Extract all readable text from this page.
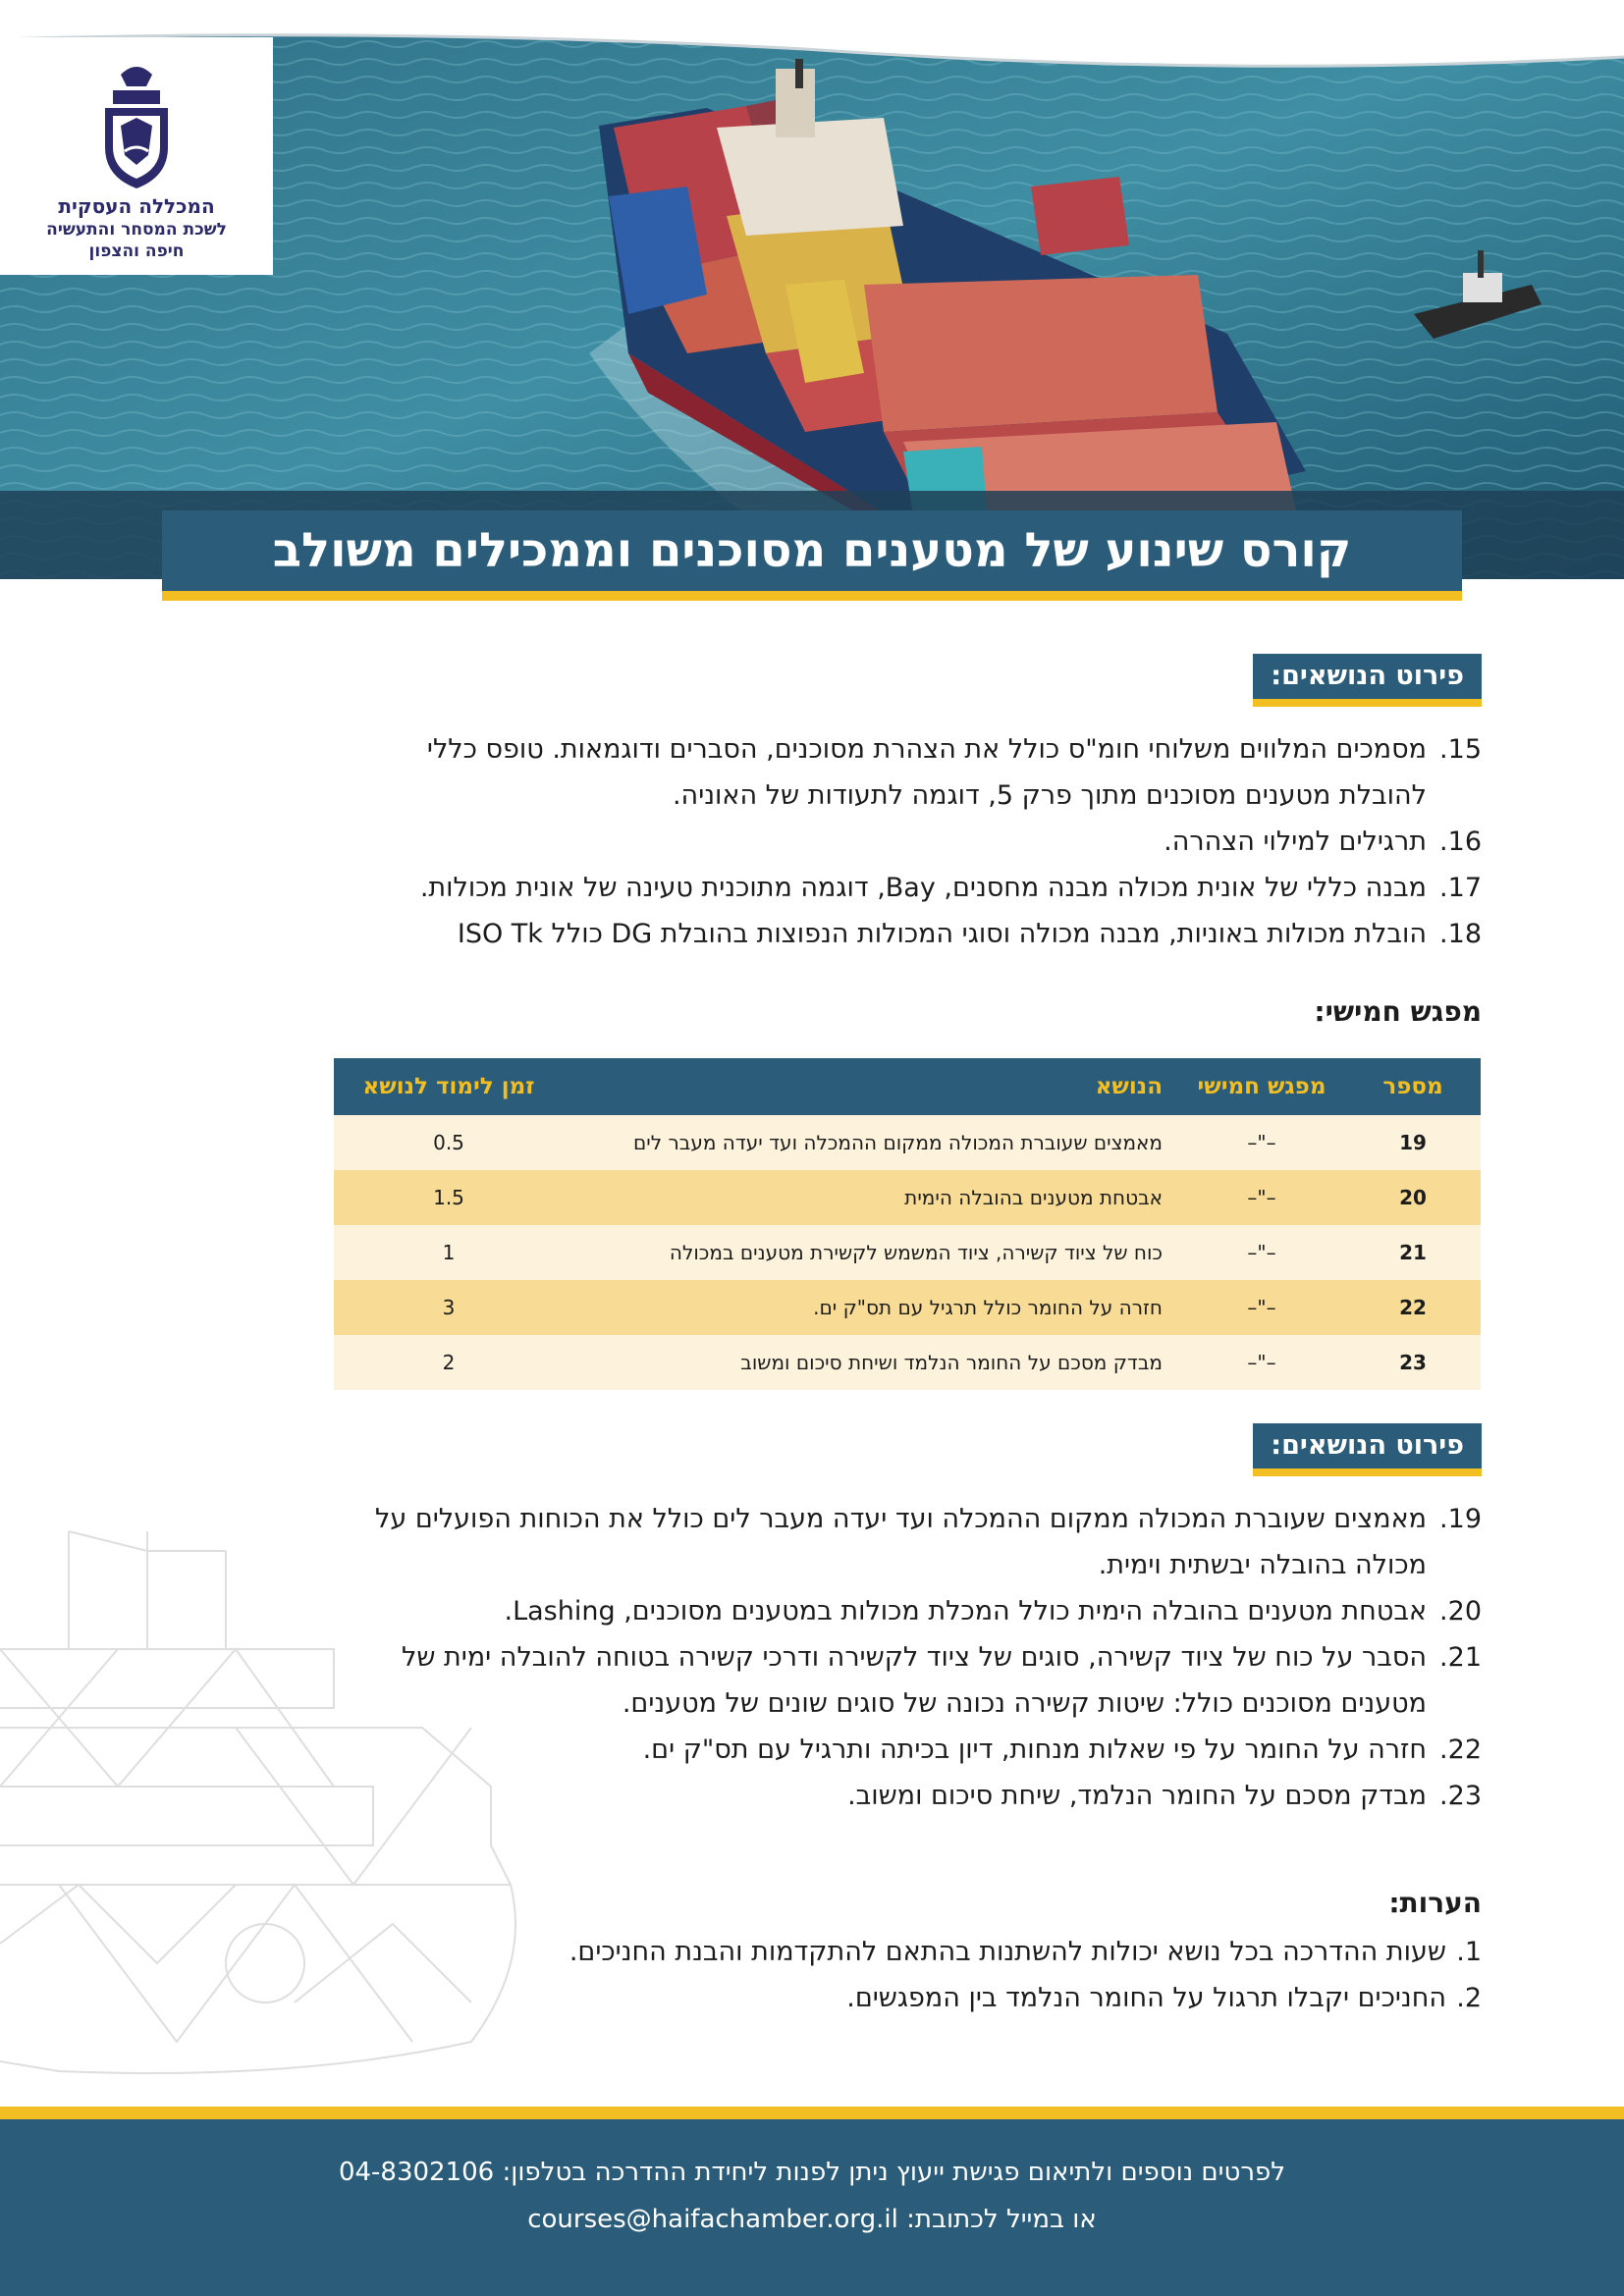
המכללה העסקית
לשכת המסחר והתעשיה
חיפה והצפון
קורס שינוע של מטענים מסוכנים וממכילים משולב
פירוט הנושאים:
15.
מסמכים המלווים משלוחי חומ"ס כולל את הצהרת מסוכנים, הסברים ודוגמאות. טופס כללי
להובלת מטענים מסוכנים מתוך פרק 5, דוגמה לתעודות של האוניה.
16.
תרגילים למילוי הצהרה.
17.
מבנה כללי של אונית מכולה מבנה מחסנים, Bay, דוגמה מתוכנית טעינה של אונית מכולות.
18.
הובלת מכולות באוניות, מבנה מכולה וסוגי המכולות הנפוצות בהובלת DG כולל ISO Tk
מפגש חמישי:
מספר	מפגש חמישי	הנושא	זמן לימוד לנושא
19	–"–	מאמצים שעוברת המכולה ממקום ההמכלה ועד יעדה מעבר לים	0.5
20	–"–	אבטחת מטענים בהובלה הימית	1.5
21	–"–	כוח של ציוד קשירה, ציוד המשמש לקשירת מטענים במכולה	1
22	–"–	חזרה על החומר כולל תרגיל עם תס"ק ים.	3
23	–"–	מבדק מסכם על החומר הנלמד ושיחת סיכום ומשוב	2
פירוט הנושאים:
19.
מאמצים שעוברת המכולה ממקום ההמכלה ועד יעדה מעבר לים כולל את הכוחות הפועלים על
מכולה בהובלה יבשתית וימית.
20.
אבטחת מטענים בהובלה הימית כולל המכלת מכולות במטענים מסוכנים, Lashing.
21.
הסבר על כוח של ציוד קשירה, סוגים של ציוד לקשירה ודרכי קשירה בטוחה להובלה ימית של
מטענים מסוכנים כולל: שיטות קשירה נכונה של סוגים שונים של מטענים.
22.
חזרה על החומר על פי שאלות מנחות, דיון בכיתה ותרגיל עם תס"ק ים.
23.
מבדק מסכם על החומר הנלמד, שיחת סיכום ומשוב.
הערות:
1.
שעות ההדרכה בכל נושא יכולות להשתנות בהתאם להתקדמות והבנת החניכים.
2.
החניכים יקבלו תרגול על החומר הנלמד בין המפגשים.

לפרטים נוספים ולתיאום פגישת ייעוץ ניתן לפנות ליחידת ההדרכה בטלפון: 04-8302106

או במייל לכתובת: courses@haifachamber.org.il
